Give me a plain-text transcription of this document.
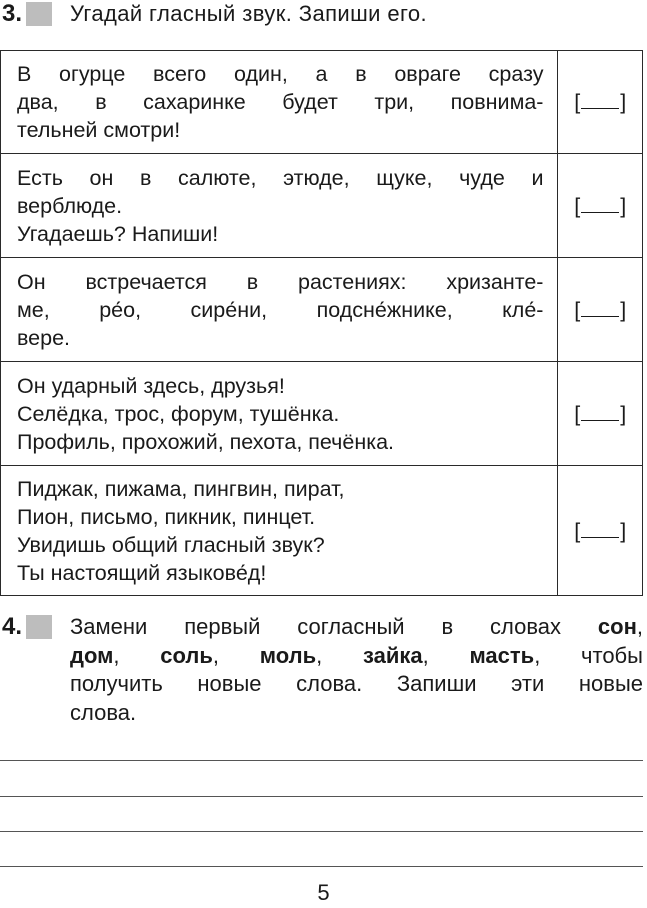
3.	Угадай гласный звук. Запиши его.
В огурце всего один, а в овраге сразу
два, в сахаринке будет три, повнима-
тельней смотри!	[ ]

Есть он в салюте, этюде, щуке, чуде и
верблюде.
Угадаешь? Напиши!	[ ]

Он встречается в растениях: хризанте-
ме, ре́о, сире́ни, подсне́жнике, кле́-
вере.	[ ]

Он ударный здесь, друзья!
Селёдка, трос, форум, тушёнка.
Профиль, прохожий, пехота, печёнка.	[ ]

Пиджак, пижама, пингвин, пират,
Пион, письмо, пикник, пинцет.
Увидишь общий гласный звук?
Ты настоящий языкове́д!	[ ]
4.	Замени первый согласный в словах сон,
дом, соль, моль, зайка, масть, чтобы
получить новые слова. Запиши эти новые
слова.
5
